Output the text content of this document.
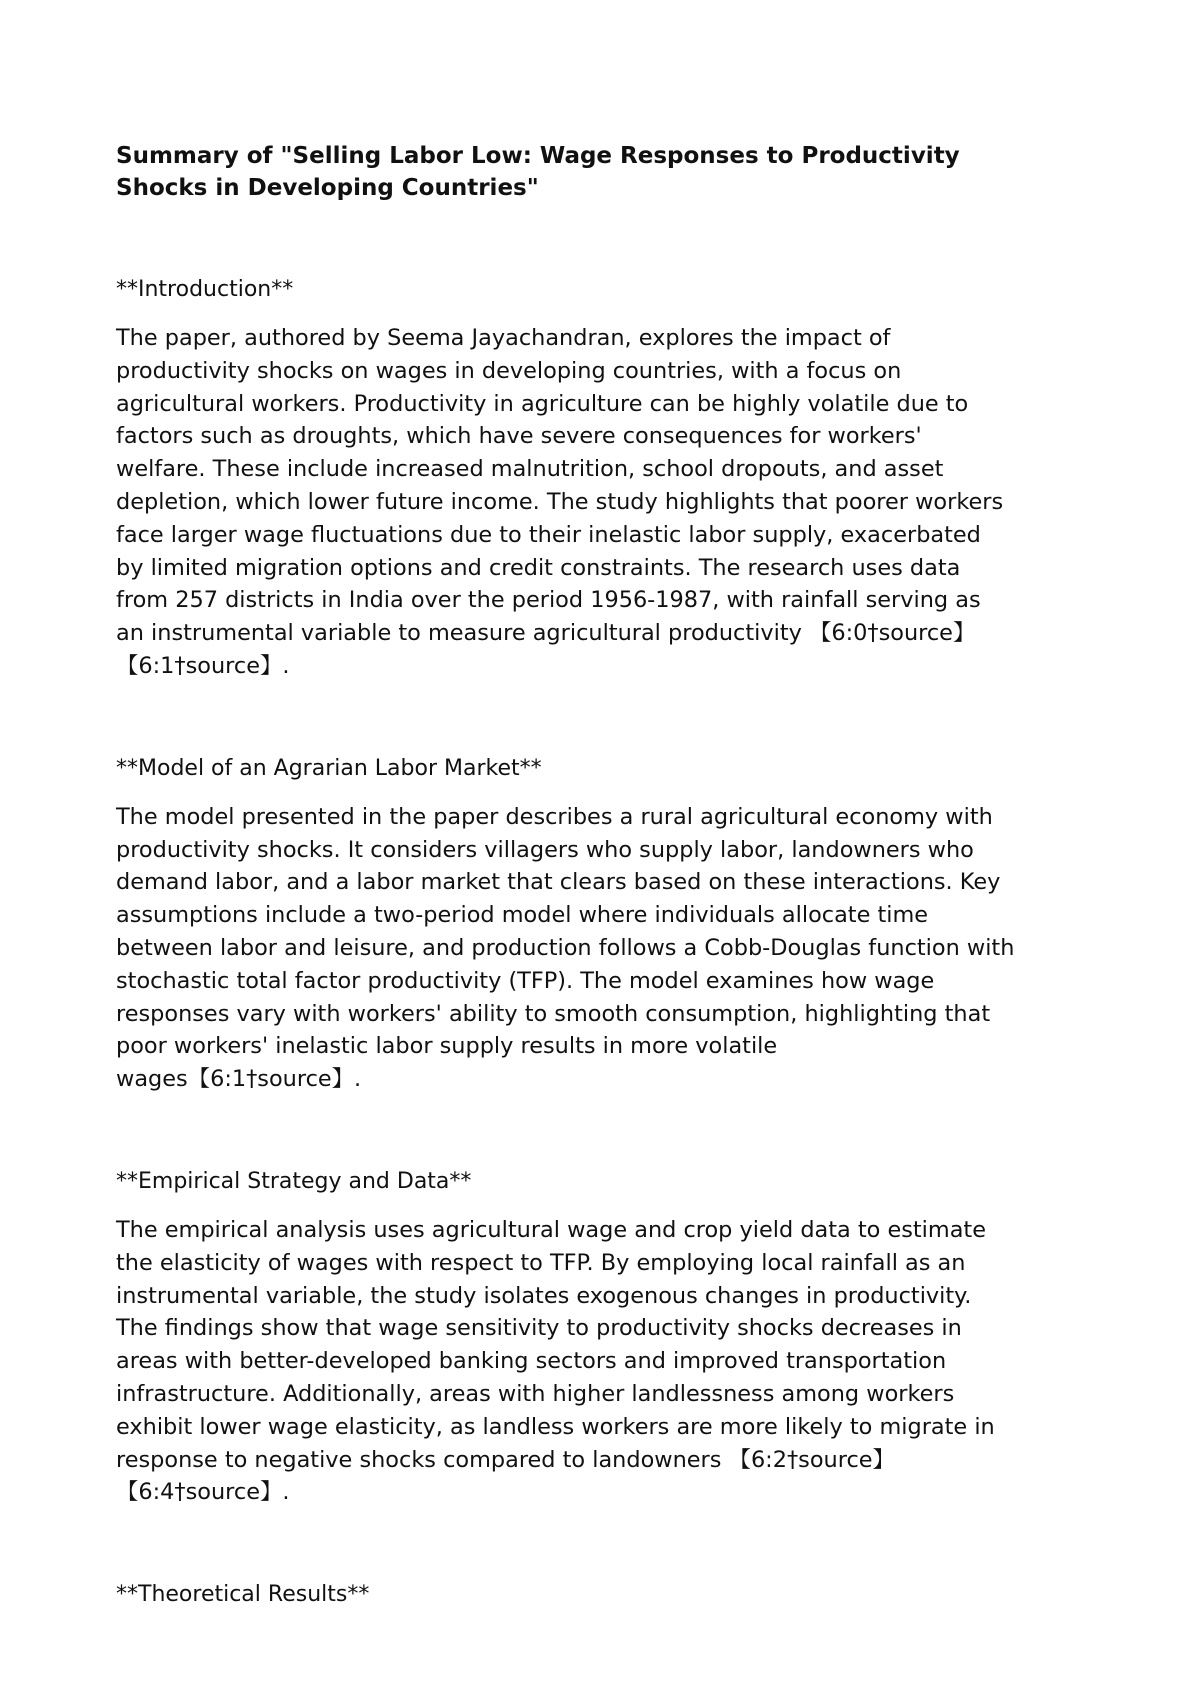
Summary of "Selling Labor Low: Wage Responses to Productivity
Shocks in Developing Countries"
**Introduction**

The paper, authored by Seema Jayachandran, explores the impact of
productivity shocks on wages in developing countries, with a focus on
agricultural workers. Productivity in agriculture can be highly volatile due to
factors such as droughts, which have severe consequences for workers'
welfare. These include increased malnutrition, school dropouts, and asset
depletion, which lower future income. The study highlights that poorer workers
face larger wage fluctuations due to their inelastic labor supply, exacerbated
by limited migration options and credit constraints. The research uses data
from 257 districts in India over the period 1956-1987, with rainfall serving as
an instrumental variable to measure agricultural productivity 【6:0†source】
【6:1†source】.

**Model of an Agrarian Labor Market**

The model presented in the paper describes a rural agricultural economy with
productivity shocks. It considers villagers who supply labor, landowners who
demand labor, and a labor market that clears based on these interactions. Key
assumptions include a two-period model where individuals allocate time
between labor and leisure, and production follows a Cobb-Douglas function with
stochastic total factor productivity (TFP). The model examines how wage
responses vary with workers' ability to smooth consumption, highlighting that
poor workers' inelastic labor supply results in more volatile
wages【6:1†source】.

**Empirical Strategy and Data**

The empirical analysis uses agricultural wage and crop yield data to estimate
the elasticity of wages with respect to TFP. By employing local rainfall as an
instrumental variable, the study isolates exogenous changes in productivity.
The findings show that wage sensitivity to productivity shocks decreases in
areas with better-developed banking sectors and improved transportation
infrastructure. Additionally, areas with higher landlessness among workers
exhibit lower wage elasticity, as landless workers are more likely to migrate in
response to negative shocks compared to landowners 【6:2†source】
【6:4†source】.

**Theoretical Results**
